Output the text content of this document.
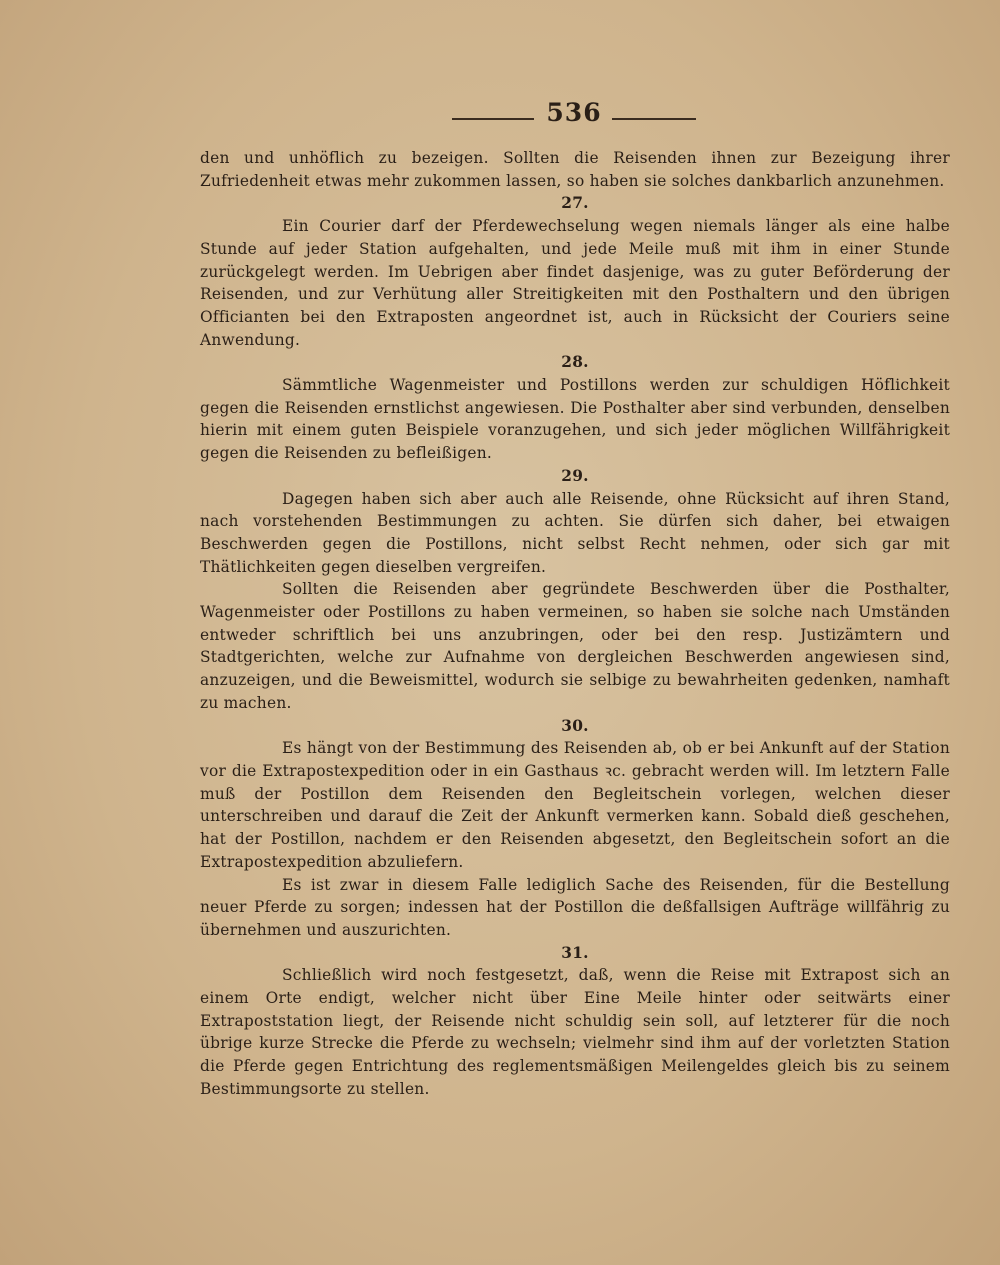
536

den und unhöflich zu bezeigen. Sollten die Reisenden ihnen zur Bezeigung ihrer Zufriedenheit etwas mehr zukommen lassen, so haben sie solches dankbarlich anzunehmen.

27.

Ein Courier darf der Pferdewechselung wegen niemals länger als eine halbe Stunde auf jeder Station aufgehalten, und jede Meile muß mit ihm in einer Stunde zurückgelegt werden. Im Uebrigen aber findet dasjenige, was zu guter Beförderung der Reisenden, und zur Verhütung aller Streitigkeiten mit den Posthaltern und den übrigen Officianten bei den Extraposten angeordnet ist, auch in Rücksicht der Couriers seine Anwendung.

28.

Sämmtliche Wagenmeister und Postillons werden zur schuldigen Höflichkeit gegen die Reisenden ernstlichst angewiesen. Die Posthalter aber sind verbunden, denselben hierin mit einem guten Beispiele voranzugehen, und sich jeder möglichen Willfährigkeit gegen die Reisenden zu befleißigen.

29.

Dagegen haben sich aber auch alle Reisende, ohne Rücksicht auf ihren Stand, nach vorstehenden Bestimmungen zu achten. Sie dürfen sich daher, bei etwaigen Beschwerden gegen die Postillons, nicht selbst Recht nehmen, oder sich gar mit Thätlichkeiten gegen dieselben vergreifen.

Sollten die Reisenden aber gegründete Beschwerden über die Posthalter, Wagenmeister oder Postillons zu haben vermeinen, so haben sie solche nach Umständen entweder schriftlich bei uns anzubringen, oder bei den resp. Justizämtern und Stadtgerichten, welche zur Aufnahme von dergleichen Beschwerden angewiesen sind, anzuzeigen, und die Beweismittel, wodurch sie selbige zu bewahrheiten gedenken, namhaft zu machen.

30.

Es hängt von der Bestimmung des Reisenden ab, ob er bei Ankunft auf der Station vor die Extrapostexpedition oder in ein Gasthaus ꝛc. gebracht werden will. Im letztern Falle muß der Postillon dem Reisenden den Begleitschein vorlegen, welchen dieser unterschreiben und darauf die Zeit der Ankunft vermerken kann. Sobald dieß geschehen, hat der Postillon, nachdem er den Reisenden abgesetzt, den Begleitschein sofort an die Extrapostexpedition abzuliefern.

Es ist zwar in diesem Falle lediglich Sache des Reisenden, für die Bestellung neuer Pferde zu sorgen; indessen hat der Postillon die deßfallsigen Aufträge willfährig zu übernehmen und auszurichten.

31.

Schließlich wird noch festgesetzt, daß, wenn die Reise mit Extrapost sich an einem Orte endigt, welcher nicht über Eine Meile hinter oder seitwärts einer Extrapoststation liegt, der Reisende nicht schuldig sein soll, auf letzterer für die noch übrige kurze Strecke die Pferde zu wechseln; vielmehr sind ihm auf der vorletzten Station die Pferde gegen Entrichtung des reglementsmäßigen Meilengeldes gleich bis zu seinem Bestimmungsorte zu stellen.
